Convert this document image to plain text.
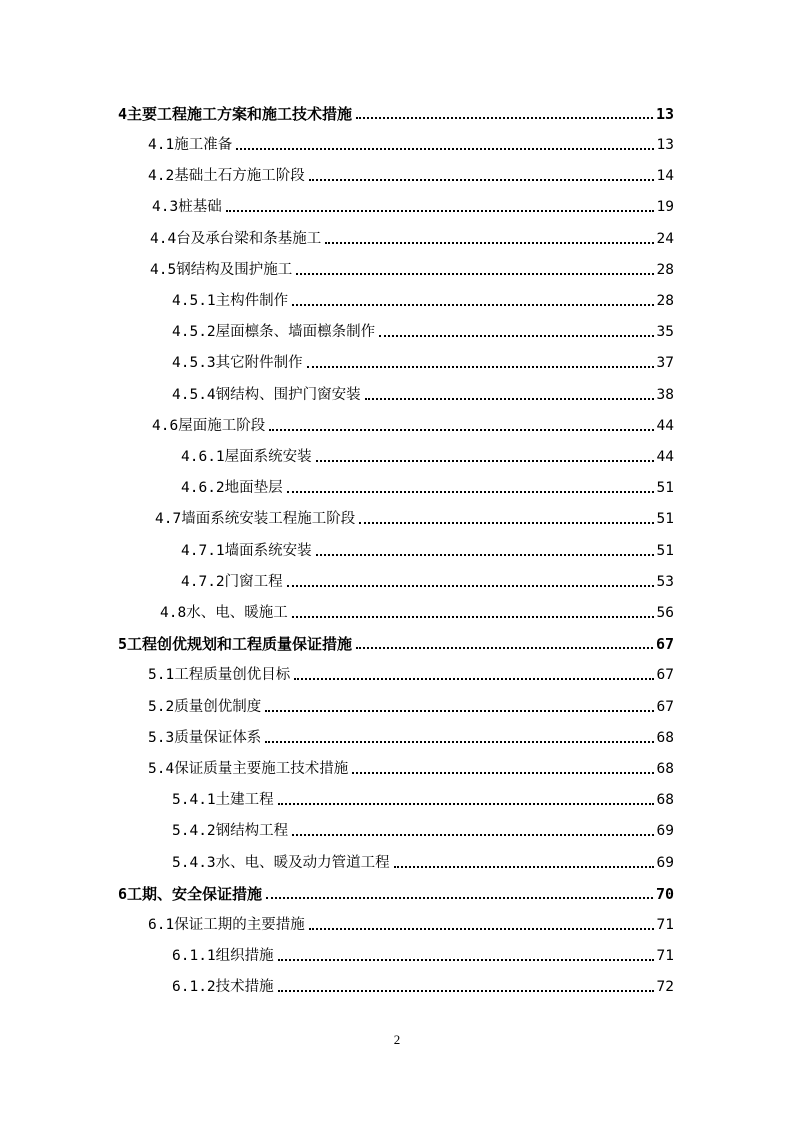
4 主要工程施工方案和施工技术措施	13
4.1 施工准备	13
4.2 基础土石方施工阶段	14
4.3 桩基础	19
4.4 台及承台梁和条基施工	24
4.5 钢结构及围护施工	28
4.5.1 主构件制作	28
4.5.2 屋面檩条、墙面檩条制作	35
4.5.3 其它附件制作	37
4.5.4 钢结构、围护门窗安装	38
4.6 屋面施工阶段	44
4.6.1 屋面系统安装	44
4.6.2 地面垫层	51
4.7 墙面系统安装工程施工阶段	51
4.7.1 墙面系统安装	51
4.7.2 门窗工程	53
4.8 水、电、暖施工	56
5 工程创优规划和工程质量保证措施	67
5.1 工程质量创优目标	67
5.2 质量创优制度	67
5.3 质量保证体系	68
5.4 保证质量主要施工技术措施	68
5.4.1 土建工程	68
5.4.2 钢结构工程	69
5.4.3 水、电、暖及动力管道工程	69
6 工期、安全保证措施	70
6.1 保证工期的主要措施	71
6.1.1 组织措施	71
6.1.2 技术措施	72
2
